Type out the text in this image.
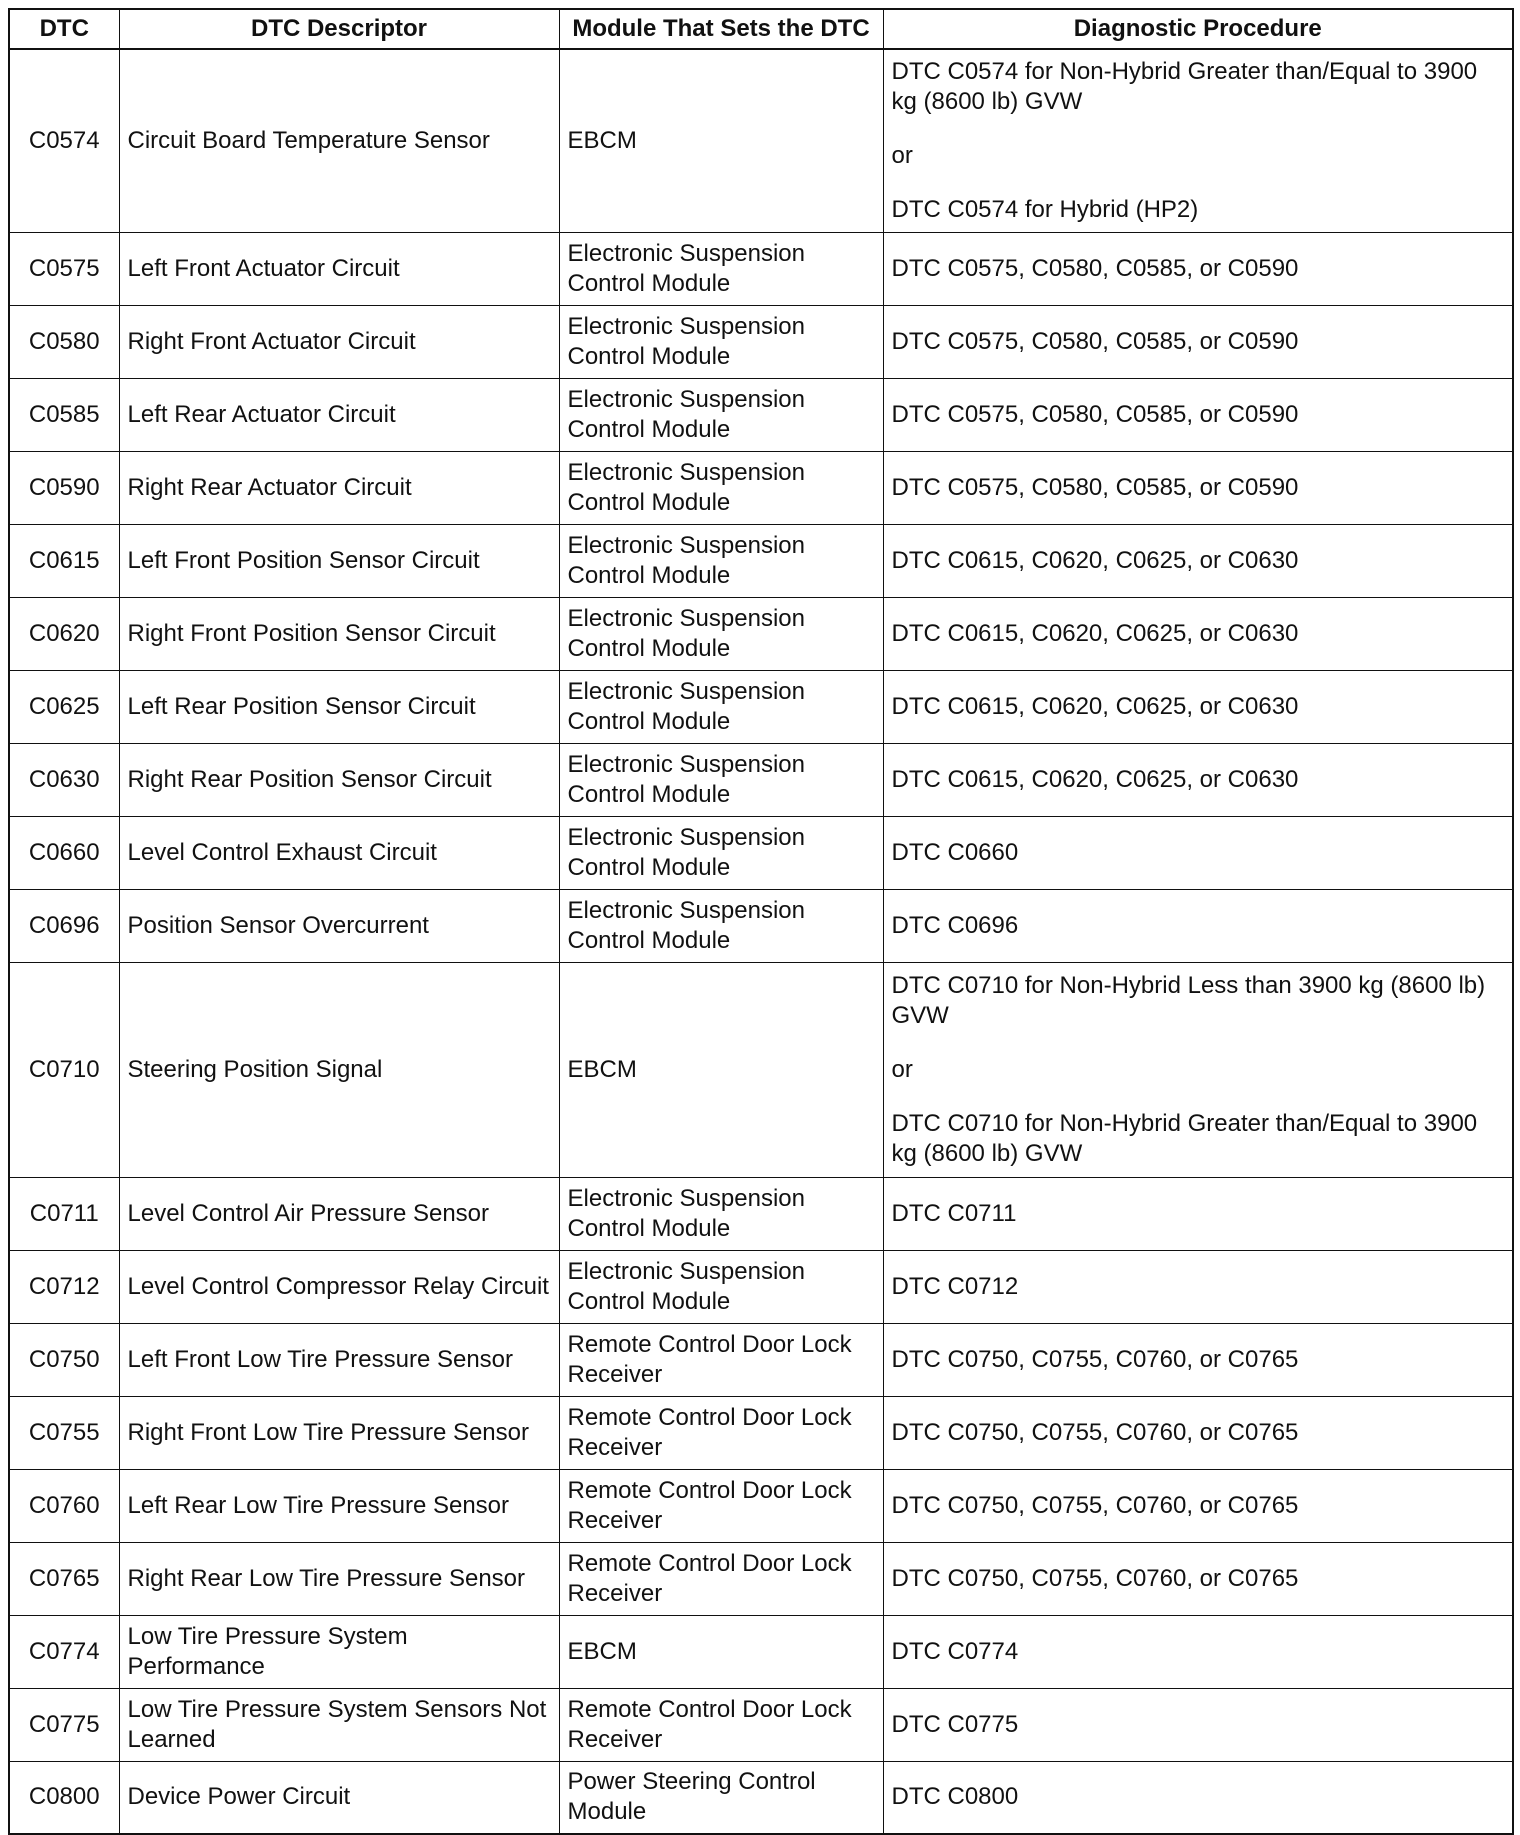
DTC	DTC Descriptor	Module That Sets the DTC	Diagnostic Procedure
C0574	Circuit Board Temperature Sensor	EBCM	DTC C0574 for Non-Hybrid Greater than/Equal to 3900 kg (8600 lb) GVW

or

DTC C0574 for Hybrid (HP2)

C0575	Left Front Actuator Circuit	Electronic Suspension Control Module	DTC C0575, C0580, C0585, or C0590
C0580	Right Front Actuator Circuit	Electronic Suspension Control Module	DTC C0575, C0580, C0585, or C0590
C0585	Left Rear Actuator Circuit	Electronic Suspension Control Module	DTC C0575, C0580, C0585, or C0590
C0590	Right Rear Actuator Circuit	Electronic Suspension Control Module	DTC C0575, C0580, C0585, or C0590
C0615	Left Front Position Sensor Circuit	Electronic Suspension Control Module	DTC C0615, C0620, C0625, or C0630
C0620	Right Front Position Sensor Circuit	Electronic Suspension Control Module	DTC C0615, C0620, C0625, or C0630
C0625	Left Rear Position Sensor Circuit	Electronic Suspension Control Module	DTC C0615, C0620, C0625, or C0630
C0630	Right Rear Position Sensor Circuit	Electronic Suspension Control Module	DTC C0615, C0620, C0625, or C0630
C0660	Level Control Exhaust Circuit	Electronic Suspension Control Module	DTC C0660
C0696	Position Sensor Overcurrent	Electronic Suspension Control Module	DTC C0696
C0710	Steering Position Signal	EBCM	DTC C0710 for Non-Hybrid Less than 3900 kg (8600 lb) GVW

or

DTC C0710 for Non-Hybrid Greater than/Equal to 3900 kg (8600 lb) GVW

C0711	Level Control Air Pressure Sensor	Electronic Suspension Control Module	DTC C0711
C0712	Level Control Compressor Relay Circuit	Electronic Suspension Control Module	DTC C0712
C0750	Left Front Low Tire Pressure Sensor	Remote Control Door Lock Receiver	DTC C0750, C0755, C0760, or C0765
C0755	Right Front Low Tire Pressure Sensor	Remote Control Door Lock Receiver	DTC C0750, C0755, C0760, or C0765
C0760	Left Rear Low Tire Pressure Sensor	Remote Control Door Lock Receiver	DTC C0750, C0755, C0760, or C0765
C0765	Right Rear Low Tire Pressure Sensor	Remote Control Door Lock Receiver	DTC C0750, C0755, C0760, or C0765
C0774	Low Tire Pressure System Performance	EBCM	DTC C0774
C0775	Low Tire Pressure System Sensors Not Learned	Remote Control Door Lock Receiver	DTC C0775
C0800	Device Power Circuit	Power Steering Control Module	DTC C0800
